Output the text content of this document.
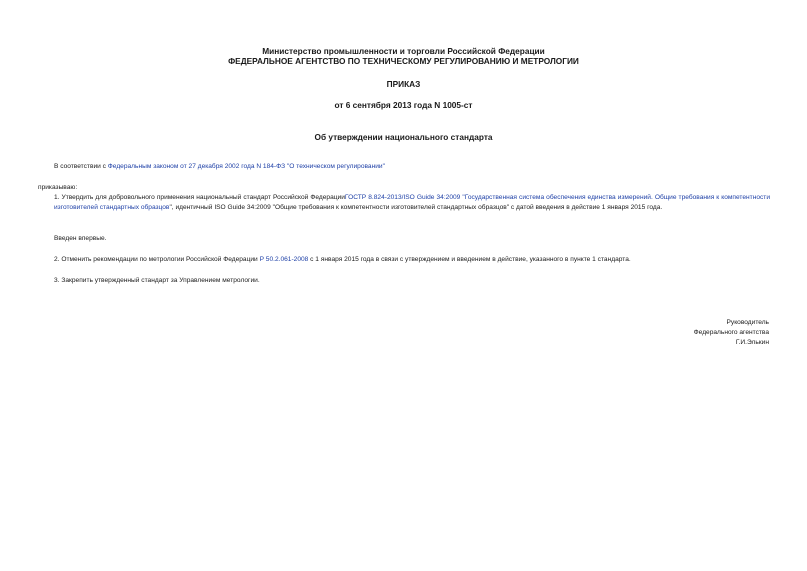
Министерство промышленности и торговли Российской Федерации
ФЕДЕРАЛЬНОЕ АГЕНТСТВО ПО ТЕХНИЧЕСКОМУ РЕГУЛИРОВАНИЮ И МЕТРОЛОГИИ
ПРИКАЗ
от 6 сентября 2013 года N 1005-ст
Об утверждении национального стандарта
В соответствии с Федеральным законом от 27 декабря 2002 года N 184-ФЗ "О техническом регулировании"
приказываю:
1. Утвердить для добровольного применения национальный стандарт Российской ФедерацииГОСТР 8.824-2013/ISO Guide 34:2009 "Государственная система обеспечения единства измерений. Общие требования к компетентности изготовителей стандартных образцов", идентичный ISO Guide 34:2009 "Общие требования к компетентности изготовителей стандартных образцов" с датой введения в действие 1 января 2015 года.
Введен впервые.
2. Отменить рекомендации по метрологии Российской Федерации Р 50.2.061-2008 с 1 января 2015 года в связи с утверждением и введением в действие, указанного в пункте 1 стандарта.
3. Закрепить утвержденный стандарт за Управлением метрологии.
Руководитель
Федерального агентства
Г.И.Элькин
